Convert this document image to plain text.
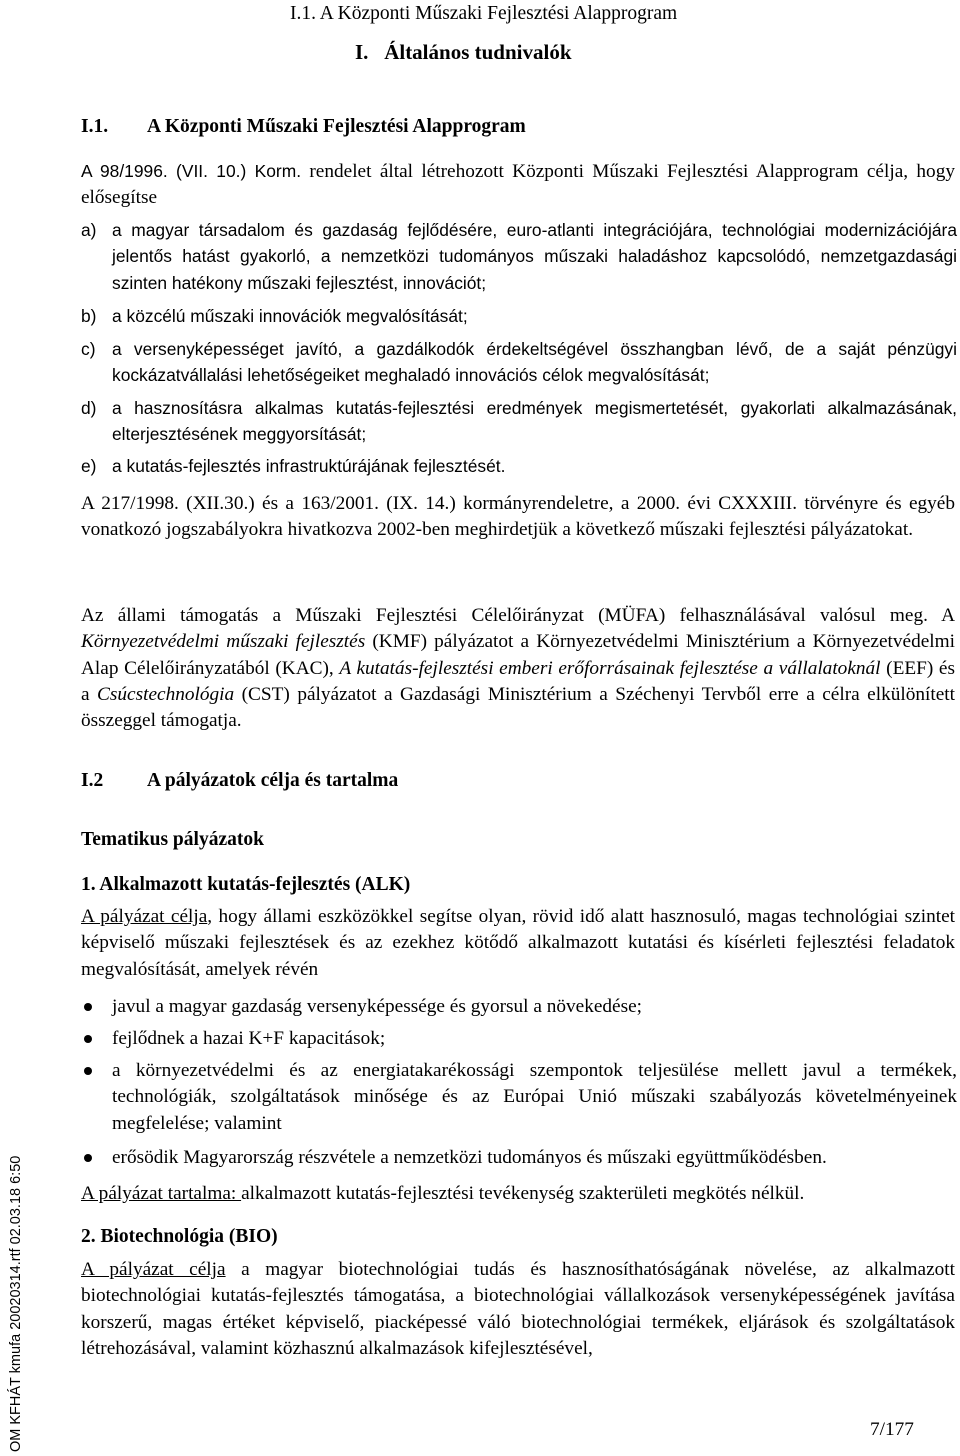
I.1. A Központi Műszaki Fejlesztési Alapprogram
I. Általános tudnivalók
I.1. A Központi Műszaki Fejlesztési Alapprogram

A 98/1996. (VII. 10.) Korm. rendelet által létrehozott Központi Műszaki Fejlesztési Alapprogram célja, hogy elősegítse

a) a magyar társadalom és gazdaság fejlődésére, euro-atlanti integrációjára, technológiai modernizációjára jelentős hatást gyakorló, a nemzetközi tudományos műszaki haladáshoz kapcsolódó, nemzetgazdasági szinten hatékony műszaki fejlesztést, innovációt;
b) a közcélú műszaki innovációk megvalósítását;
c) a versenyképességet javító, a gazdálkodók érdekeltségével összhangban lévő, de a saját pénzügyi kockázatvállalási lehetőségeiket meghaladó innovációs célok megvalósítását;
d) a hasznosításra alkalmas kutatás-fejlesztési eredmények megismertetését, gyakorlati alkalmazásának, elterjesztésének meggyorsítását;
e) a kutatás-fejlesztés infrastruktúrájának fejlesztését.

A 217/1998. (XII.30.) és a 163/2001. (IX. 14.) kormányrendeletre, a 2000. évi CXXXIII. törvényre és egyéb vonatkozó jogszabályokra hivatkozva 2002-ben meghirdetjük a következő műszaki fejlesztési pályázatokat.

Az állami támogatás a Műszaki Fejlesztési Célelőirányzat (MÜFA) felhasználásával valósul meg. A Környezetvédelmi műszaki fejlesztés (KMF) pályázatot a Környezetvédelmi Minisztérium a Környezetvédelmi Alap Célelőirányzatából (KAC), A kutatás-fejlesztési emberi erőforrásainak fejlesztése a vállalatoknál (EEF) és a Csúcstechnológia (CST) pályázatot a Gazdasági Minisztérium a Széchenyi Tervből erre a célra elkülönített összeggel támogatja.

I.2 A pályázatok célja és tartalma
Tematikus pályázatok
1. Alkalmazott kutatás-fejlesztés (ALK)

A pályázat célja, hogy állami eszközökkel segítse olyan, rövid idő alatt hasznosuló, magas technológiai szintet képviselő műszaki fejlesztések és az ezekhez kötődő alkalmazott kutatási és kísérleti fejlesztési feladatok megvalósítását, amelyek révén

javul a magyar gazdaság versenyképessége és gyorsul a növekedése;
fejlődnek a hazai K+F kapacitások;
a környezetvédelmi és az energiatakarékossági szempontok teljesülése mellett javul a termékek, technológiák, szolgáltatások minősége és az Európai Unió műszaki szabályozás követelményeinek megfelelése; valamint
erősödik Magyarország részvétele a nemzetközi tudományos és műszaki együttműködésben.

A pályázat tartalma: alkalmazott kutatás-fejlesztési tevékenység szakterületi megkötés nélkül.

2. Biotechnológia (BIO)

A pályázat célja a magyar biotechnológiai tudás és hasznosíthatóságának növelése, az alkalmazott biotechnológiai kutatás-fejlesztés támogatása, a biotechnológiai vállalkozások versenyképességének javítása korszerű, magas értéket képviselő, piacképessé váló biotechnológiai termékek, eljárások és szolgáltatások létrehozásával, valamint közhasznú alkalmazások kifejlesztésével,

OM KFHÁT kmufa 20020314.rtf 02.03.18 6:50	7/177
